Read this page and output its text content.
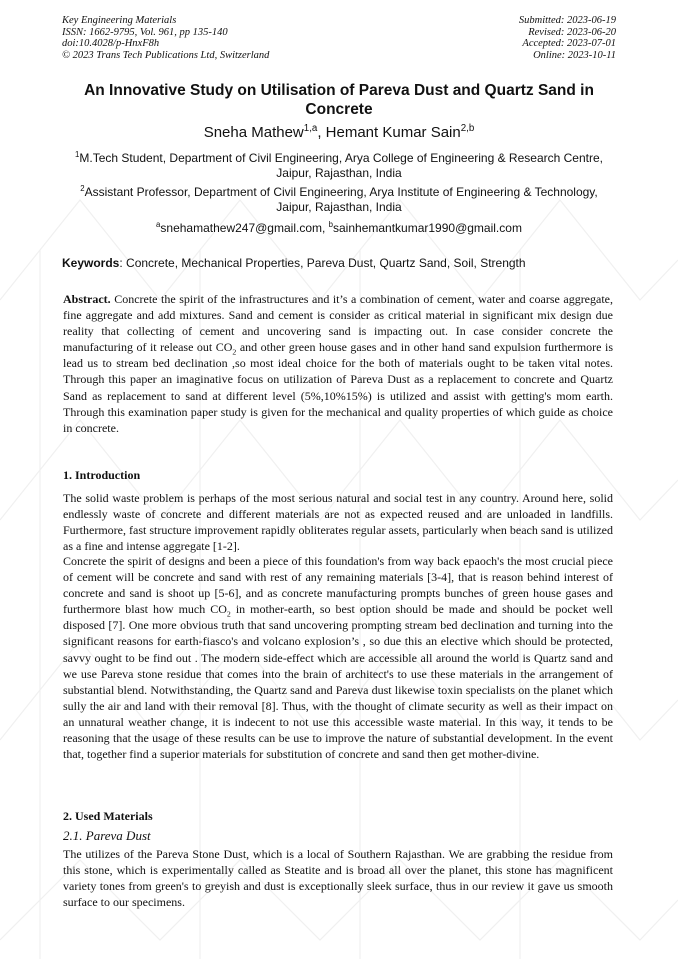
Key Engineering Materials
ISSN: 1662-9795, Vol. 961, pp 135-140
doi:10.4028/p-HnxF8h
© 2023 Trans Tech Publications Ltd, Switzerland
Submitted: 2023-06-19
Revised: 2023-06-20
Accepted: 2023-07-01
Online: 2023-10-11
An Innovative Study on Utilisation of Pareva Dust and Quartz Sand in Concrete
Sneha Mathew$^{1,a}$, Hemant Kumar Sain$^{2,b}$
$^1$M.Tech Student, Department of Civil Engineering, Arya College of Engineering & Research Centre, Jaipur, Rajasthan, India
$^2$Assistant Professor, Department of Civil Engineering, Arya Institute of Engineering & Technology, Jaipur, Rajasthan, India
$^a$snehamathew247@gmail.com, $^b$sainhemantkumar1990@gmail.com
Keywords: Concrete, Mechanical Properties, Pareva Dust, Quartz Sand, Soil, Strength
Abstract. Concrete the spirit of the infrastructures and it’s a combination of cement, water and coarse aggregate, fine aggregate and add mixtures. Sand and cement is consider as critical material in significant mix design due reality that collecting of cement and uncovering sand is impacting out. In case consider concrete the manufacturing of it release out $CO_2$ and other green house gases and in other hand sand expulsion furthermore is lead us to stream bed declination ,so most ideal choice for the both of materials ought to be taken vital notes. Through this paper an imaginative focus on utilization of Pareva Dust as a replacement to concrete and Quartz Sand as replacement to sand at different level (5%,10%15%) is utilized and assist with getting's mom earth. Through this examination paper study is given for the mechanical and quality properties of which guide as choice in concrete.
1. Introduction
The solid waste problem is perhaps of the most serious natural and social test in any country. Around here, solid endlessly waste of concrete and different materials are not as expected reused and are unloaded in landfills. Furthermore, fast structure improvement rapidly obliterates regular assets, particularly when beach sand is utilized as a fine and intense aggregate [1-2].
Concrete the spirit of designs and been a piece of this foundation's from way back epaoch's the most crucial piece of cement will be concrete and sand with rest of any remaining materials [3-4], that is reason behind interest of concrete and sand is shoot up [5-6], and as concrete manufacturing prompts bunches of green house gases and furthermore blast how much $CO_2$ in mother-earth, so best option should be made and should be pocket well disposed [7]. One more obvious truth that sand uncovering prompting stream bed declination and turning into the significant reasons for earth-fiasco's and volcano explosion’s , so due this an elective which should be protected, savvy ought to be find out . The modern side-effect which are accessible all around the world is Quartz sand and we use Pareva stone residue that comes into the brain of architect's to use these materials in the arrangement of substantial blend. Notwithstanding, the Quartz sand and Pareva dust likewise toxin specialists on the planet which sully the air and land with their removal [8]. Thus, with the thought of climate security as well as their impact on an unnatural weather change, it is indecent to not use this accessible waste material. In this way, it tends to be reasoning that the usage of these results can be use to improve the nature of substantial development. In the event that, together find a superior materials for substitution of concrete and sand then get mother-divine.
2. Used Materials
2.1. Pareva Dust
The utilizes of the Pareva Stone Dust, which is a local of Southern Rajasthan. We are grabbing the residue from this stone, which is experimentally called as Steatite and is broad all over the planet, this stone has magnificent variety tones from green's to greyish and dust is exceptionally sleek surface, thus in our review it gave us smooth surface to our specimens.
